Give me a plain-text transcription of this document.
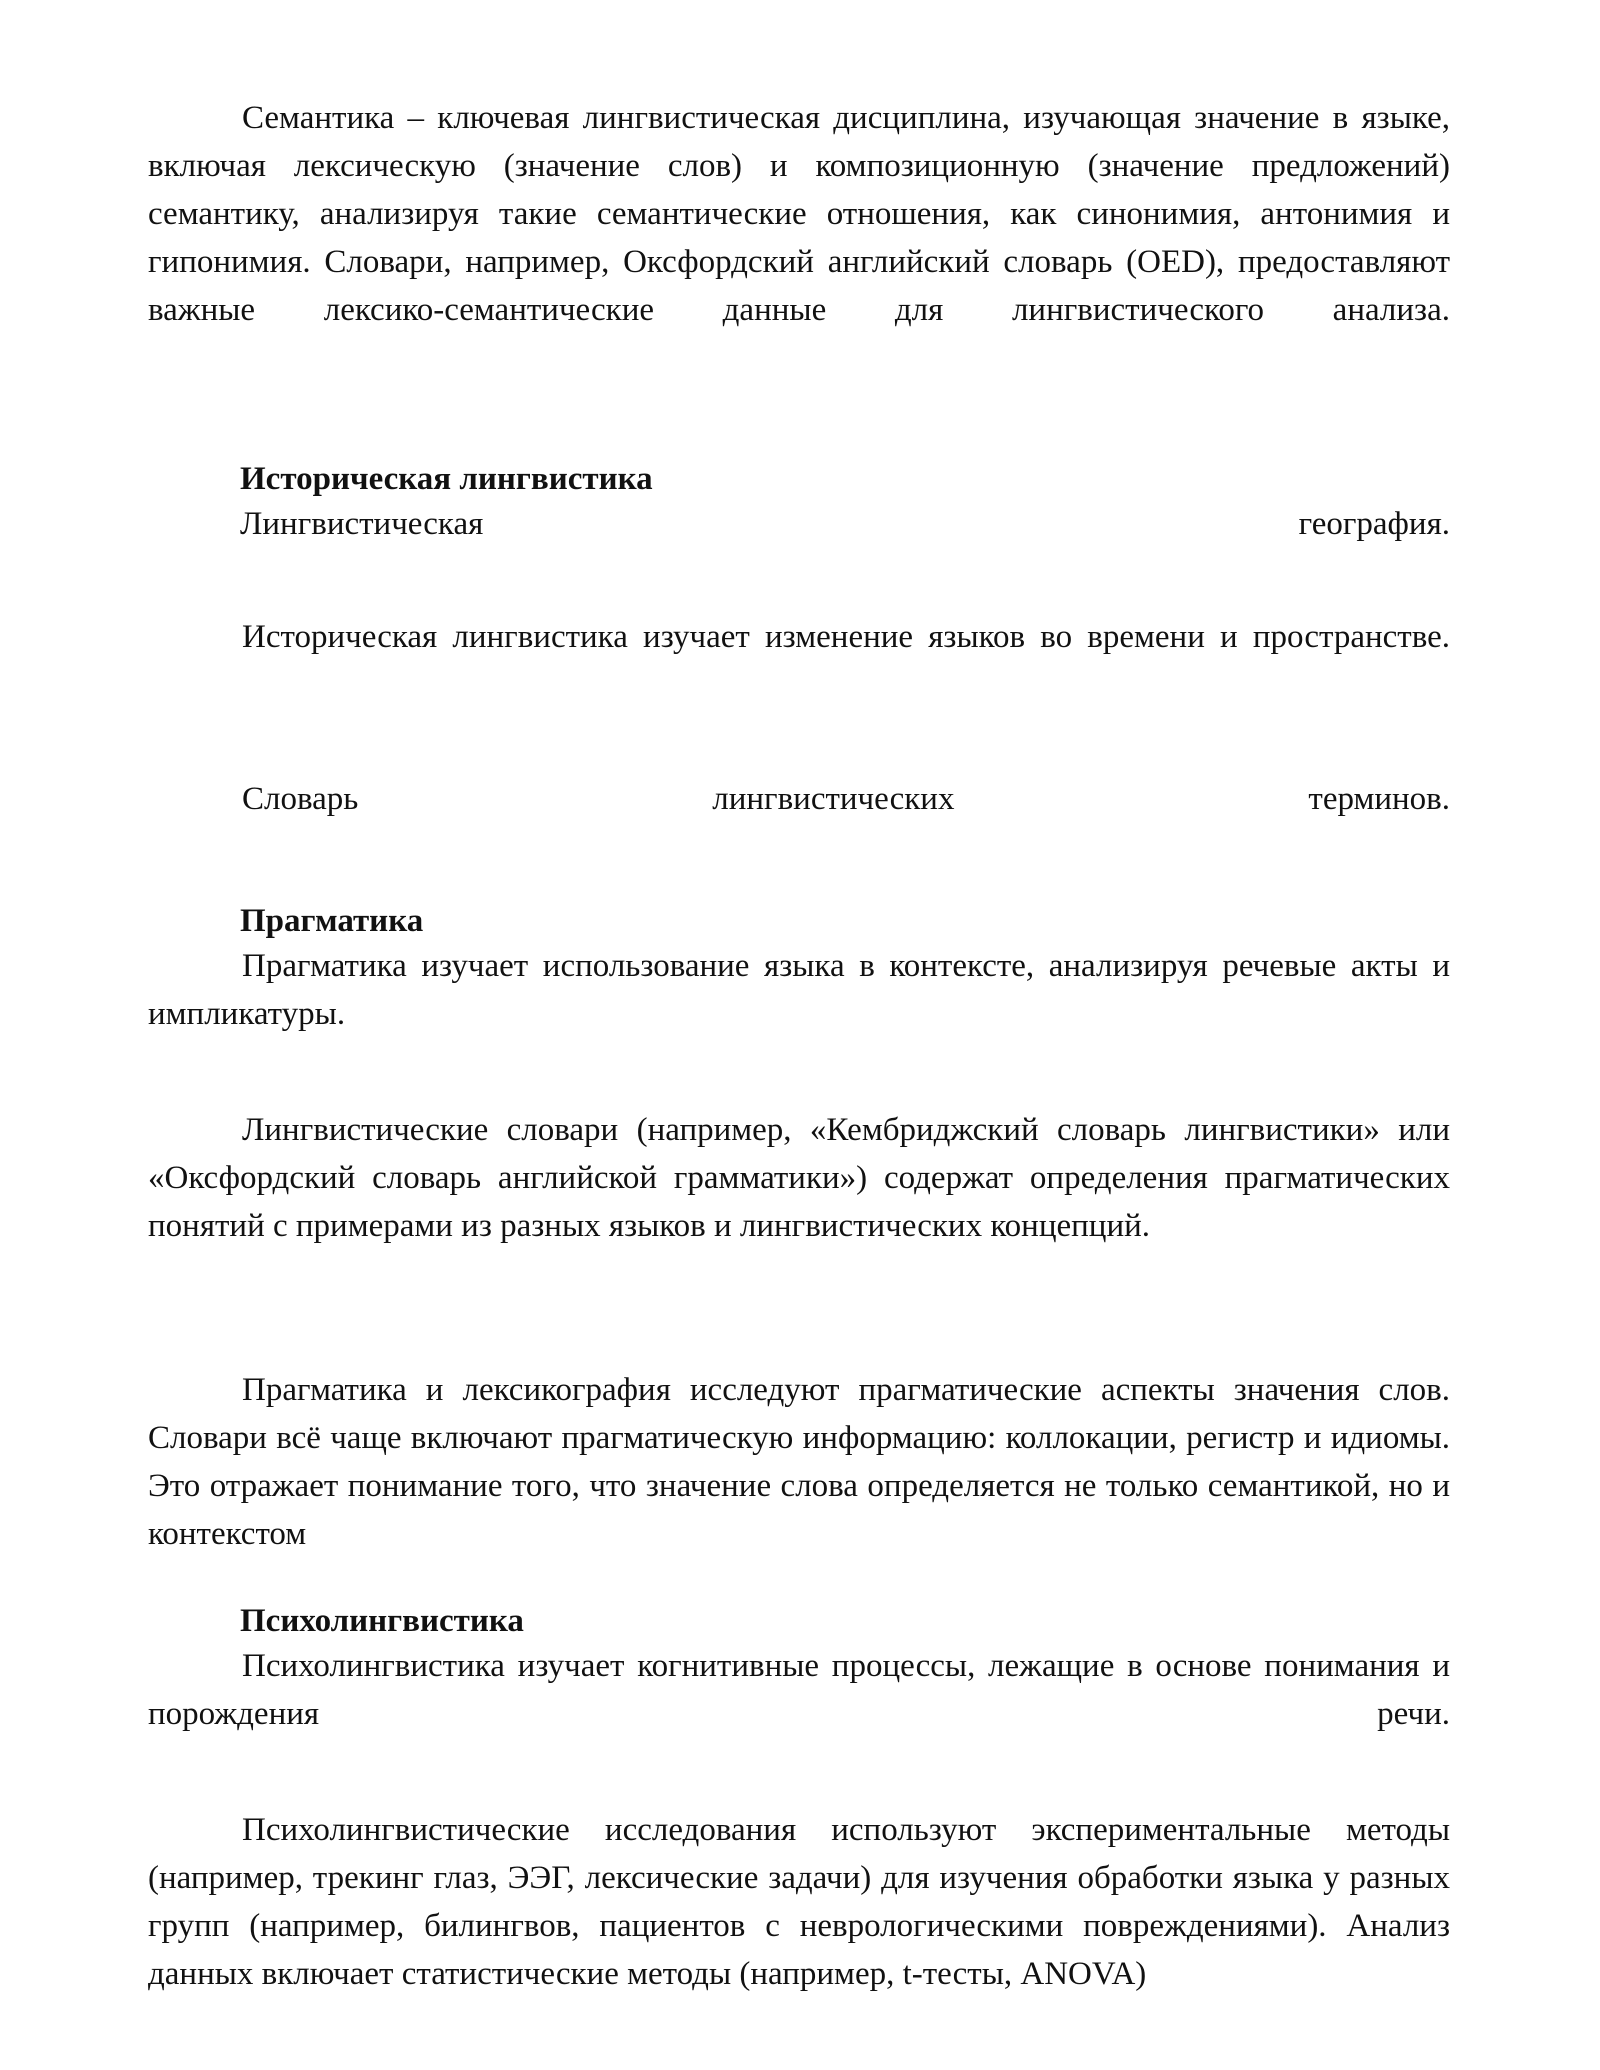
Семантика – ключевая лингвистическая дисциплина, изучающая значение в языке, включая лексическую (значение слов) и композиционную (значение предложений) семантику, анализируя такие семантические отношения, как синонимия, антонимия и гипонимия. Словари, например, Оксфордский английский словарь (OED), предоставляют важные лексико-семантические данные для лингвистического анализа.

Историческая лингвистика

Лингвистическая география.

Историческая лингвистика изучает изменение языков во времени и пространстве.

Словарь лингвистических терминов.

Прагматика

Прагматика изучает использование языка в контексте, анализируя речевые акты и импликатуры.

Лингвистические словари (например, «Кембриджский словарь лингвистики» или «Оксфордский словарь английской грамматики») содержат определения прагматических понятий с примерами из разных языков и лингвистических концепций.

Прагматика и лексикография исследуют прагматические аспекты значения слов. Словари всё чаще включают прагматическую информацию: коллокации, регистр и идиомы. Это отражает понимание того, что значение слова определяется не только семантикой, но и контекстом

Психолингвистика

Психолингвистика изучает когнитивные процессы, лежащие в основе понимания и порождения речи.

Психолингвистические исследования используют экспериментальные методы (например, трекинг глаз, ЭЭГ, лексические задачи) для изучения обработки языка у разных групп (например, билингвов, пациентов с неврологическими повреждениями). Анализ данных включает статистические методы (например, t-тесты, ANOVA)
